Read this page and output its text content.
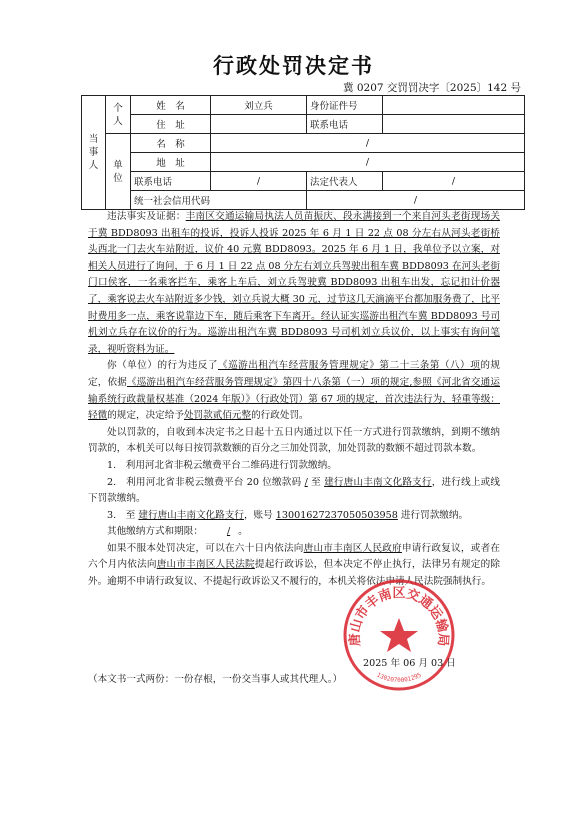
行政处罚决定书
冀 0207 交罚罚决字〔2025〕142 号
当事人	个人	姓　名	刘立兵	身份证件号	
		住　址		联系电话	
	单位	名　称	/		
		地　址	/		
		联系电话	/	法定代表人	/
		统一社会信用代码		/	

违法事实及证据：丰南区交通运输局执法人员苗振庆、段永满接到一个来自河头老街现场关于冀 BDD8093 出租车的投诉，投诉人投诉 2025 年 6 月 1 日 22 点 08 分左右从河头老街桥头西北一门去火车站附近，议价 40 元冀 BDD8093。2025 年 6 月 1 日，我单位予以立案，对相关人员进行了询问，于 6 月 1 日 22 点 08 分左右刘立兵驾驶出租车冀 BDD8093 在河头老街门口侯客，一名乘客拦车，乘客上车后，刘立兵驾驶冀 BDD8093 出租车出发，忘记扣计价器了，乘客说去火车站附近多少钱，刘立兵说大概 30 元，过节这几天滴滴平台都加服务费了，比平时费用多一点，乘客说靠边下车，随后乘客下车离开。经认证实巡游出租汽车冀 BDD8093 号司机刘立兵存在议价的行为。巡游出租汽车冀 BDD8093 号司机刘立兵议价，以上事实有询问笔录，视听资料为证。

你（单位）的行为违反了《巡游出租汽车经营服务管理规定》第二十三条第（八）项的规定，依据《巡游出租汽车经营服务管理规定》第四十八条第（一）项的规定,参照《河北省交通运输系统行政裁量权基准（2024 年版）》（行政处罚）第 67 项的规定，首次违法行为，轻重等级：轻微的规定，决定给予处罚款贰佰元整的行政处罚。

处以罚款的，自收到本决定书之日起十五日内通过以下任一方式进行罚款缴纳，到期不缴纳罚款的，本机关可以每日按罚款数额的百分之三加处罚款，加处罚款的数额不超过罚款本数。

1.　利用河北省非税云缴费平台二维码进行罚款缴纳。

2.　利用河北省非税云缴费平台 20 位缴款码 / 至 建行唐山丰南文化路支行，进行线上或线下罚款缴纳。

3.　至 建行唐山丰南文化路支行，账号 13001627237050503958 进行罚款缴纳。

其他缴纳方式和期限：	/ 。

如果不服本处罚决定，可以在六十日内依法向唐山市丰南区人民政府申请行政复议，或者在六个月内依法向唐山市丰南区人民法院提起行政诉讼，但本决定不停止执行，法律另有规定的除外。逾期不申请行政复议、不提起行政诉讼又不履行的，本机关将依法申请人民法院强制执行。

唐山市丰南区交通运输局
1302070001295
2025 年 06 月 03 日
（本文书一式两份：一份存根，一份交当事人或其代理人。）
